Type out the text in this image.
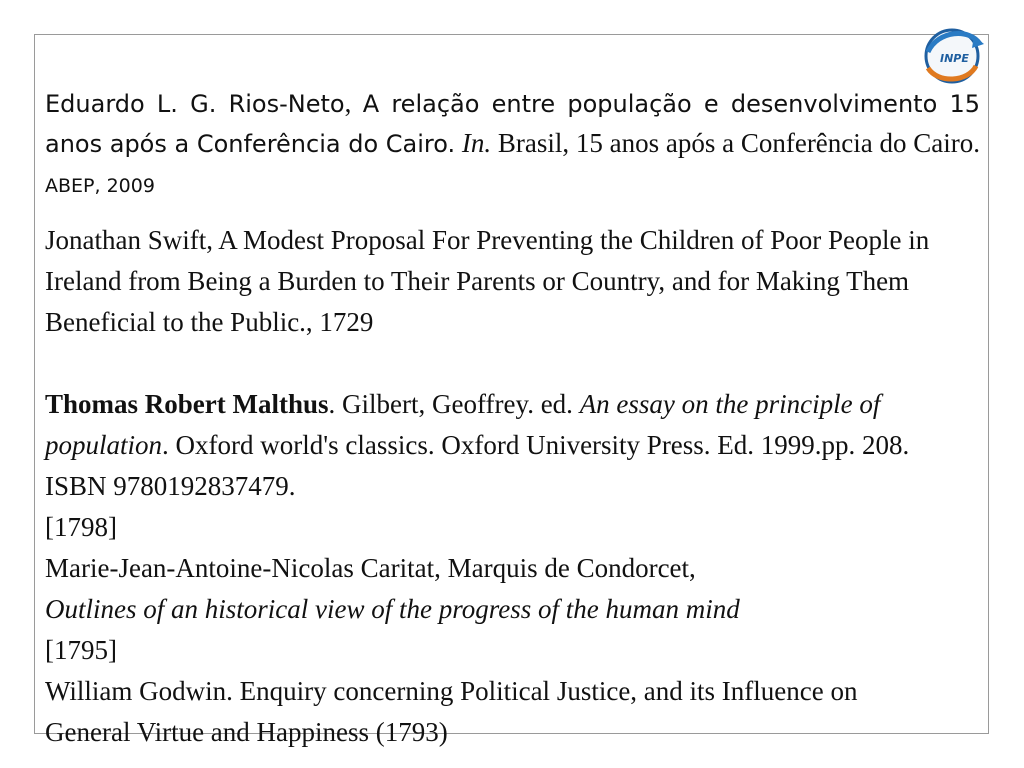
INPE

Eduardo L. G. Rios-Neto, A relação entre população e desenvolvimento 15 anos após a Conferência do Cairo. In. Brasil, 15 anos após a Conferência do Cairo. ABEP, 2009

Jonathan Swift, A Modest Proposal For Preventing the Children of Poor People in Ireland from Being a Burden to Their Parents or Country, and for Making Them Beneficial to the Public., 1729

Thomas Robert Malthus. Gilbert, Geoffrey. ed. An essay on the principle of population. Oxford world's classics. Oxford University Press. Ed. 1999.pp. 208. ISBN 9780192837479.
[1798]

Marie-Jean-Antoine-Nicolas Caritat, Marquis de Condorcet,
Outlines of an historical view of the progress of the human mind
[1795]

William Godwin. Enquiry concerning Political Justice, and its Influence on General Virtue and Happiness (1793)
